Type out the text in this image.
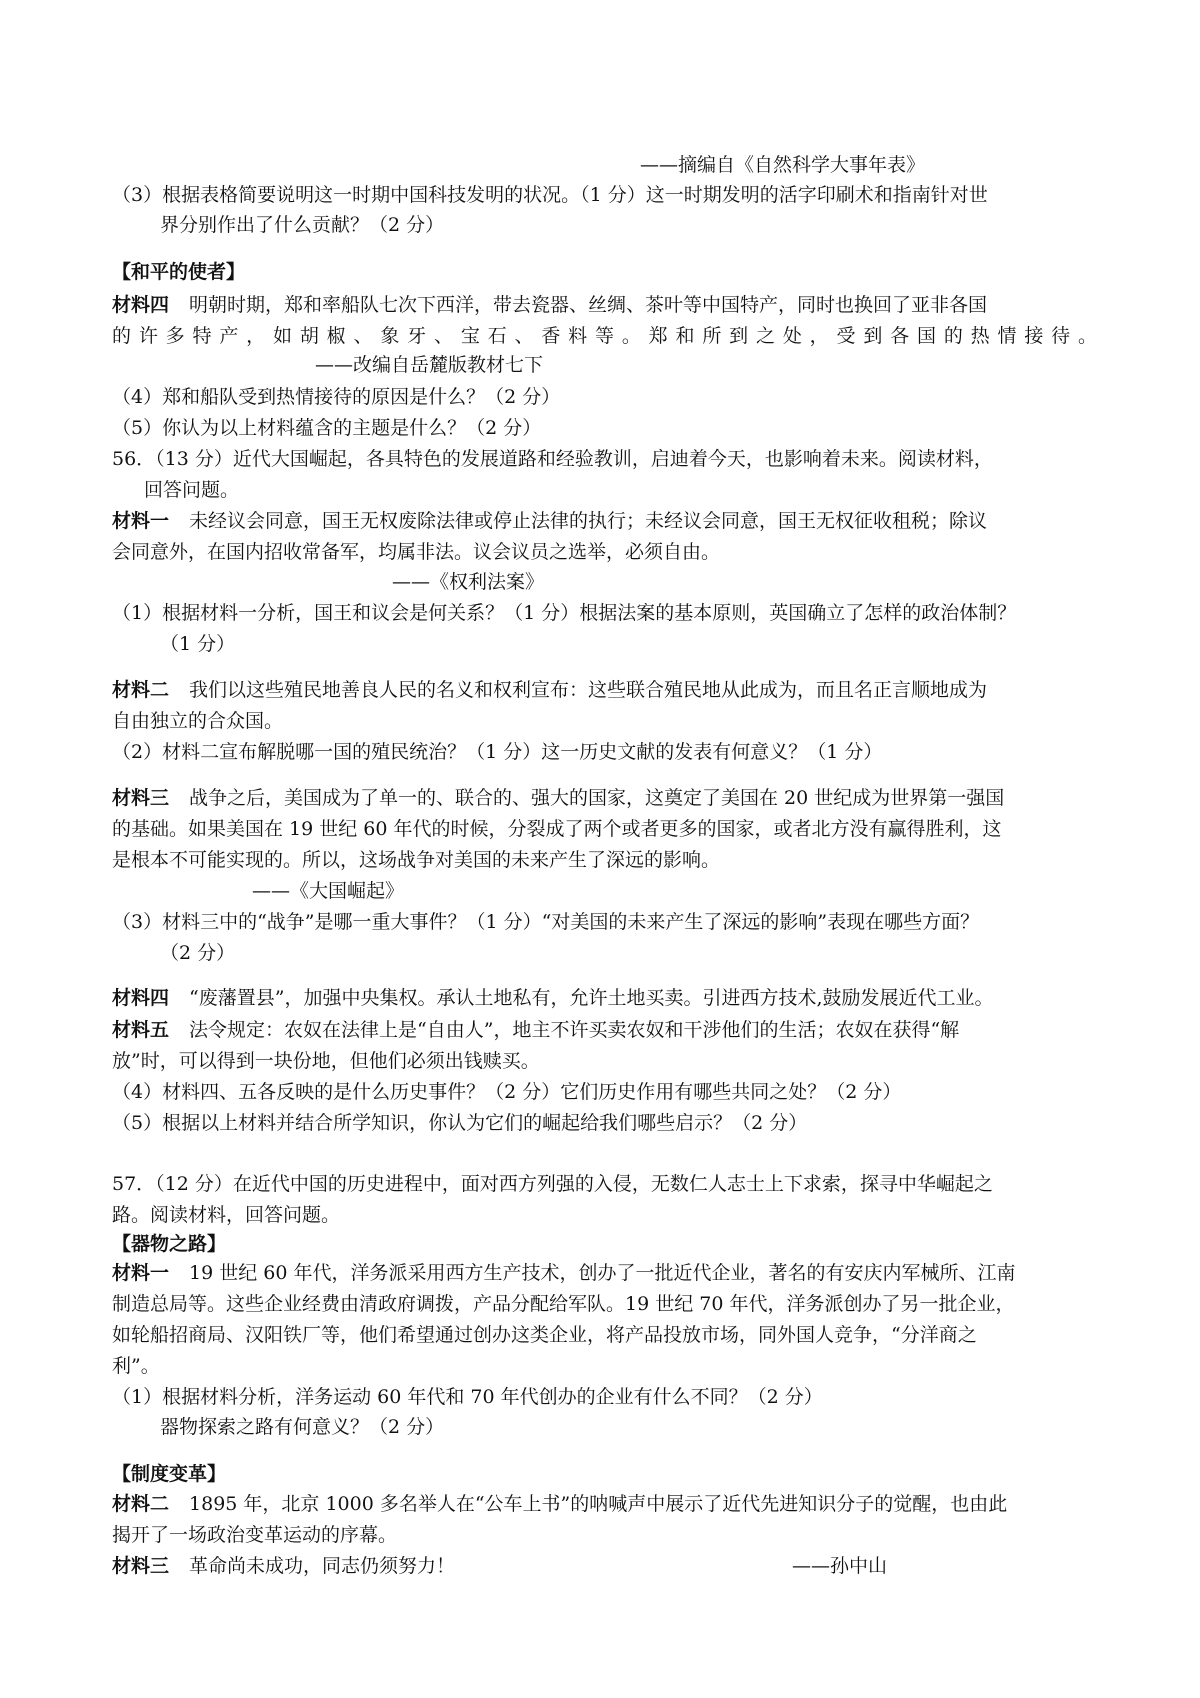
——摘编自《自然科学大事年表》
（3）根据表格简要说明这一时期中国科技发明的状况。（1 分）这一时期发明的活字印刷术和指南针对世
界分别作出了什么贡献？（2 分）
【和平的使者】
材料四 明朝时期，郑和率船队七次下西洋，带去瓷器、丝绸、茶叶等中国特产，同时也换回了亚非各国
的许多特产，如胡椒、象牙、宝石、香料等。郑和所到之处，受到各国的热情接待。
——改编自岳麓版教材七下
（4）郑和船队受到热情接待的原因是什么？（2 分）
（5）你认为以上材料蕴含的主题是什么？（2 分）
56．（13 分）近代大国崛起，各具特色的发展道路和经验教训，启迪着今天，也影响着未来。阅读材料，
回答问题。
材料一 未经议会同意，国王无权废除法律或停止法律的执行；未经议会同意，国王无权征收租税；除议
会同意外，在国内招收常备军，均属非法。议会议员之选举，必须自由。
——《权利法案》
（1）根据材料一分析，国王和议会是何关系？（1 分）根据法案的基本原则，英国确立了怎样的政治体制？
（1 分）
材料二 我们以这些殖民地善良人民的名义和权利宣布：这些联合殖民地从此成为，而且名正言顺地成为
自由独立的合众国。
（2）材料二宣布解脱哪一国的殖民统治？（1 分）这一历史文献的发表有何意义？（1 分）
材料三 战争之后，美国成为了单一的、联合的、强大的国家，这奠定了美国在 20 世纪成为世界第一强国
的基础。如果美国在 19 世纪 60 年代的时候，分裂成了两个或者更多的国家，或者北方没有赢得胜利，这
是根本不可能实现的。所以，这场战争对美国的未来产生了深远的影响。
——《大国崛起》
（3）材料三中的“战争”是哪一重大事件？（1 分）“对美国的未来产生了深远的影响”表现在哪些方面？
（2 分）
材料四 “废藩置县”，加强中央集权。承认土地私有，允许土地买卖。引进西方技术,鼓励发展近代工业。
材料五 法令规定：农奴在法律上是“自由人”，地主不许买卖农奴和干涉他们的生活；农奴在获得“解
放”时，可以得到一块份地，但他们必须出钱赎买。
（4）材料四、五各反映的是什么历史事件？（2 分）它们历史作用有哪些共同之处？（2 分）
（5）根据以上材料并结合所学知识，你认为它们的崛起给我们哪些启示？（2 分）
57．（12 分）在近代中国的历史进程中，面对西方列强的入侵，无数仁人志士上下求索，探寻中华崛起之
路。阅读材料，回答问题。
【器物之路】
材料一 19 世纪 60 年代，洋务派采用西方生产技术，创办了一批近代企业，著名的有安庆内军械所、江南
制造总局等。这些企业经费由清政府调拨，产品分配给军队。19 世纪 70 年代，洋务派创办了另一批企业，
如轮船招商局、汉阳铁厂等，他们希望通过创办这类企业，将产品投放市场，同外国人竞争，“分洋商之
利”。
（1）根据材料分析，洋务运动 60 年代和 70 年代创办的企业有什么不同？（2 分）
器物探索之路有何意义？（2 分）
【制度变革】
材料二 1895 年，北京 1000 多名举人在“公车上书”的呐喊声中展示了近代先进知识分子的觉醒，也由此
揭开了一场政治变革运动的序幕。
材料三 革命尚未成功，同志仍须努力！	——孙中山
